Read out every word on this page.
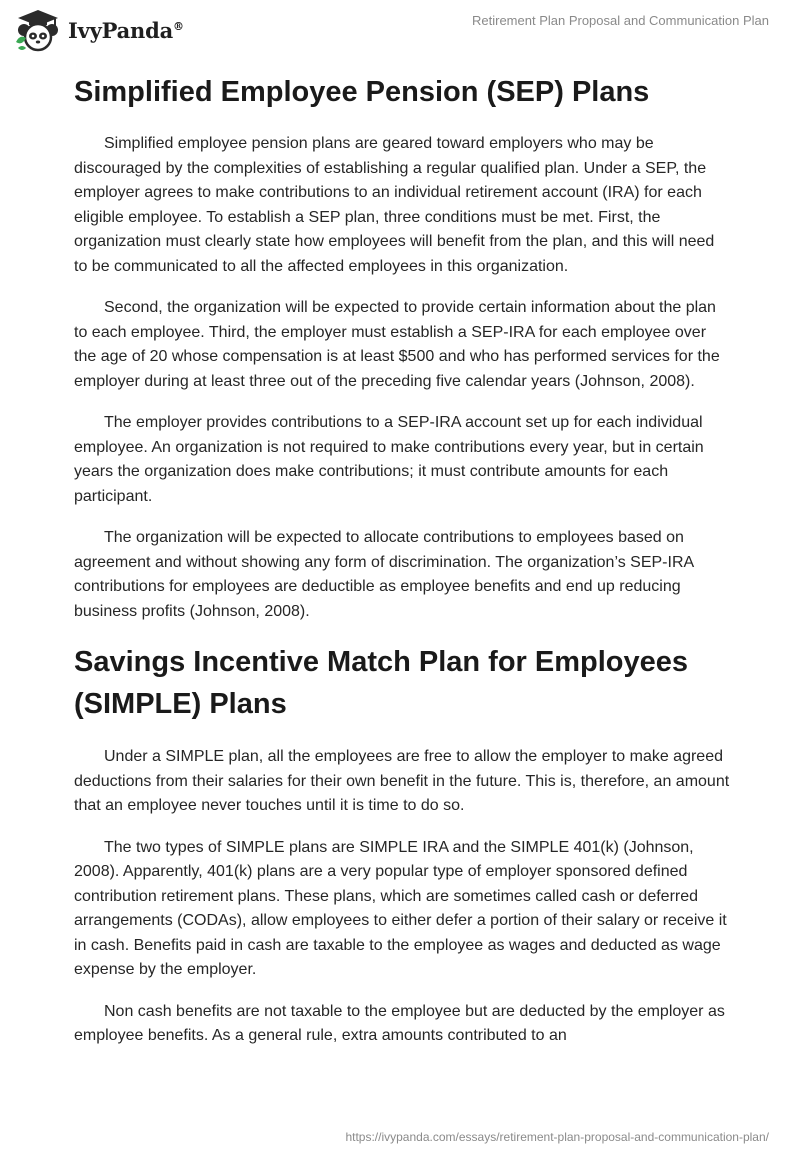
IvyPanda®	Retirement Plan Proposal and Communication Plan
Simplified Employee Pension (SEP) Plans

Simplified employee pension plans are geared toward employers who may be discouraged by the complexities of establishing a regular qualified plan. Under a SEP, the employer agrees to make contributions to an individual retirement account (IRA) for each eligible employee. To establish a SEP plan, three conditions must be met. First, the organization must clearly state how employees will benefit from the plan, and this will need to be communicated to all the affected employees in this organization.

Second, the organization will be expected to provide certain information about the plan to each employee. Third, the employer must establish a SEP-IRA for each employee over the age of 20 whose compensation is at least $500 and who has performed services for the employer during at least three out of the preceding five calendar years (Johnson, 2008).

The employer provides contributions to a SEP-IRA account set up for each individual employee. An organization is not required to make contributions every year, but in certain years the organization does make contributions; it must contribute amounts for each participant.

The organization will be expected to allocate contributions to employees based on agreement and without showing any form of discrimination. The organization’s SEP-IRA contributions for employees are deductible as employee benefits and end up reducing business profits (Johnson, 2008).

Savings Incentive Match Plan for Employees (SIMPLE) Plans

Under a SIMPLE plan, all the employees are free to allow the employer to make agreed deductions from their salaries for their own benefit in the future. This is, therefore, an amount that an employee never touches until it is time to do so.

The two types of SIMPLE plans are SIMPLE IRA and the SIMPLE 401(k) (Johnson, 2008). Apparently, 401(k) plans are a very popular type of employer sponsored defined contribution retirement plans. These plans, which are sometimes called cash or deferred arrangements (CODAs), allow employees to either defer a portion of their salary or receive it in cash. Benefits paid in cash are taxable to the employee as wages and deducted as wage expense by the employer.

Non cash benefits are not taxable to the employee but are deducted by the employer as employee benefits. As a general rule, extra amounts contributed to an

https://ivypanda.com/essays/retirement-plan-proposal-and-communication-plan/
